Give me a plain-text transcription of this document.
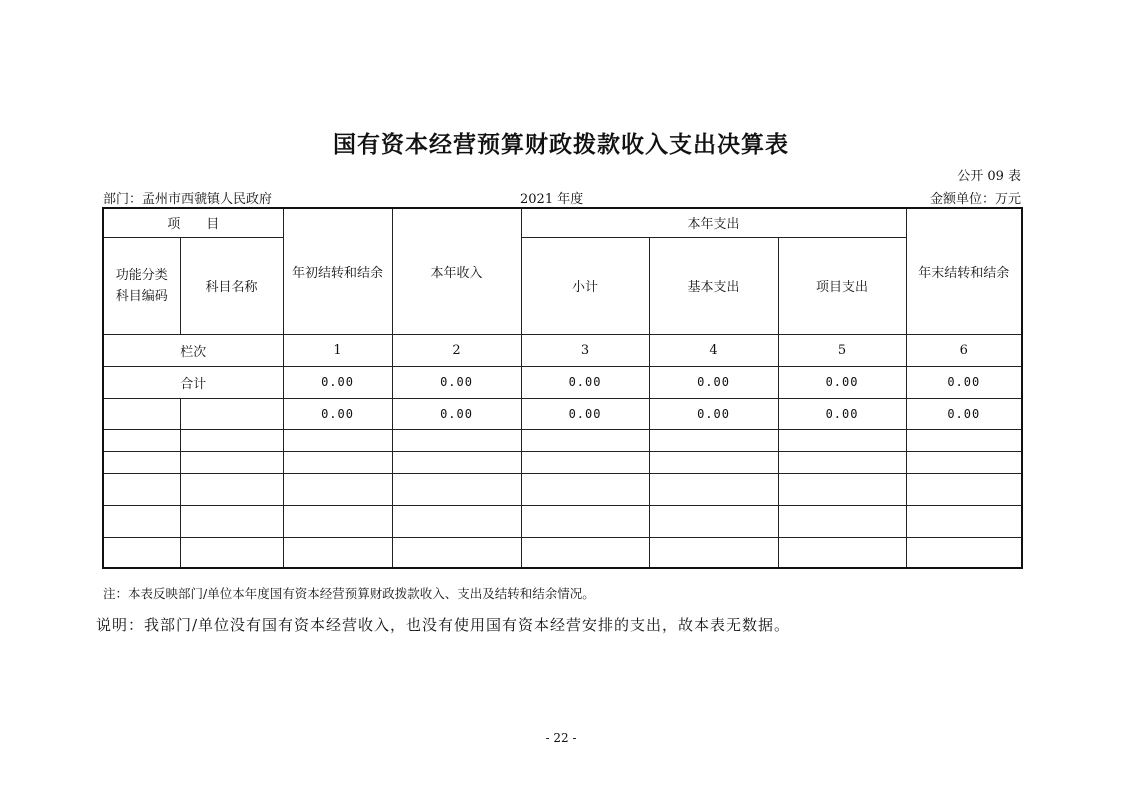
国有资本经营预算财政拨款收入支出决算表
公开 09 表
部门：孟州市西虢镇人民政府	2021 年度	金额单位：万元
项　　目		年初结转和结余	本年收入	本年支出			年末结转和结余
功能分类
科目编码	科目名称			小计	基本支出	项目支出	
栏次		1	2	3	4	5	6
合计		0.00	0.00	0.00	0.00	0.00	0.00
		0.00	0.00	0.00	0.00	0.00	0.00

注：本表反映部门/单位本年度国有资本经营预算财政拨款收入、支出及结转和结余情况。
说明：我部门/单位没有国有资本经营收入，也没有使用国有资本经营安排的支出，故本表无数据。
- 22 -
